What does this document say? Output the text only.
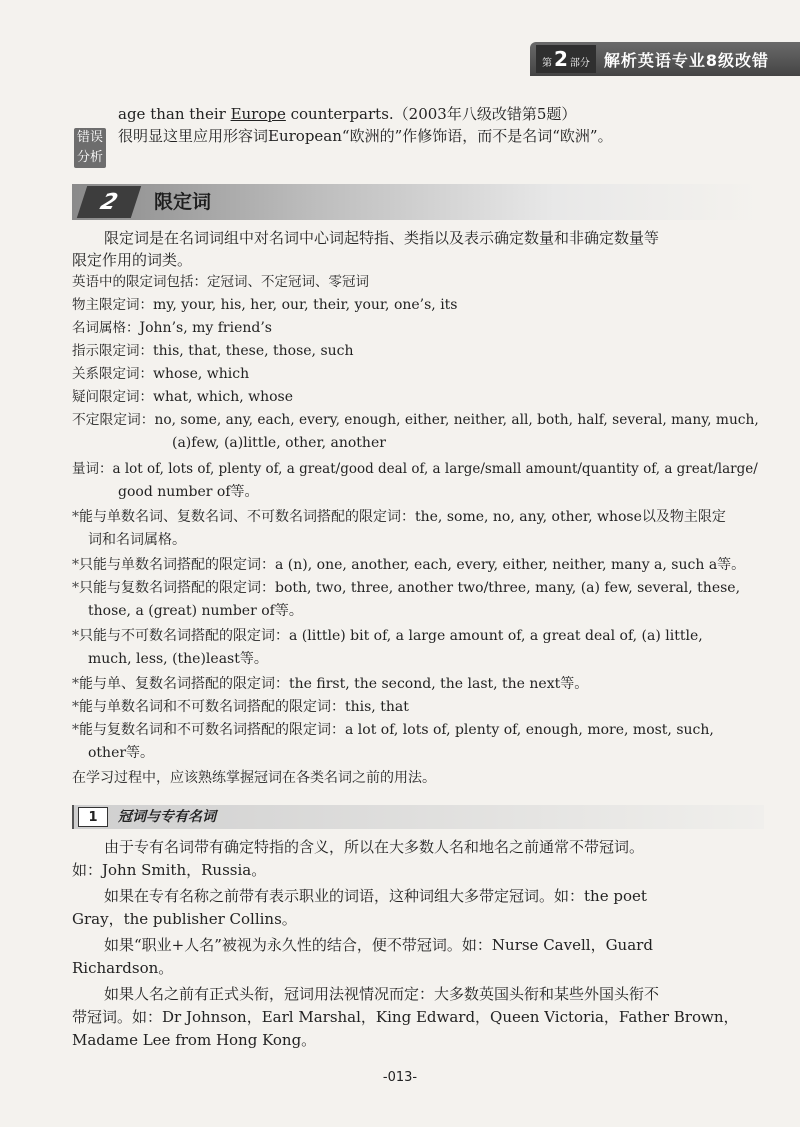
第 2 部分 解析英语专业8级改错
age than their Europe counterparts.（2003年八级改错第5题）
错误
分析
很明显这里应用形容词European“欧洲的”作修饰语，而不是名词“欧洲”。
2	限定词
限定词是在名词词组中对名词中心词起特指、类指以及表示确定数量和非确定数量等
限定作用的词类。
英语中的限定词包括：定冠词、不定冠词、零冠词
物主限定词：my, your, his, her, our, their, your, one’s, its
名词属格：John’s, my friend’s
指示限定词：this, that, these, those, such
关系限定词：whose, which
疑问限定词：what, which, whose
不定限定词：no, some, any, each, every, enough, either, neither, all, both, half, several, many, much,
(a)few, (a)little, other, another
量词：a lot of, lots of, plenty of, a great/good deal of, a large/small amount/quantity of, a great/large/
good number of等。
*能与单数名词、复数名词、不可数名词搭配的限定词：the, some, no, any, other, whose以及物主限定
词和名词属格。
*只能与单数名词搭配的限定词：a (n), one, another, each, every, either, neither, many a, such a等。
*只能与复数名词搭配的限定词：both, two, three, another two/three, many, (a) few, several, these,
those, a (great) number of等。
*只能与不可数名词搭配的限定词：a (little) bit of, a large amount of, a great deal of, (a) little,
much, less, (the)least等。
*能与单、复数名词搭配的限定词：the first, the second, the last, the next等。
*能与单数名词和不可数名词搭配的限定词：this, that
*能与复数名词和不可数名词搭配的限定词：a lot of, lots of, plenty of, enough, more, most, such,
other等。
在学习过程中，应该熟练掌握冠词在各类名词之前的用法。
1	冠词与专有名词
由于专有名词带有确定特指的含义，所以在大多数人名和地名之前通常不带冠词。
如：John Smith，Russia。
如果在专有名称之前带有表示职业的词语，这种词组大多带定冠词。如：the poet
Gray，the publisher Collins。
如果“职业+人名”被视为永久性的结合，便不带冠词。如：Nurse Cavell，Guard
Richardson。
如果人名之前有正式头衔，冠词用法视情况而定：大多数英国头衔和某些外国头衔不
带冠词。如：Dr Johnson，Earl Marshal，King Edward，Queen Victoria，Father Brown，
Madame Lee from Hong Kong。
-013-
